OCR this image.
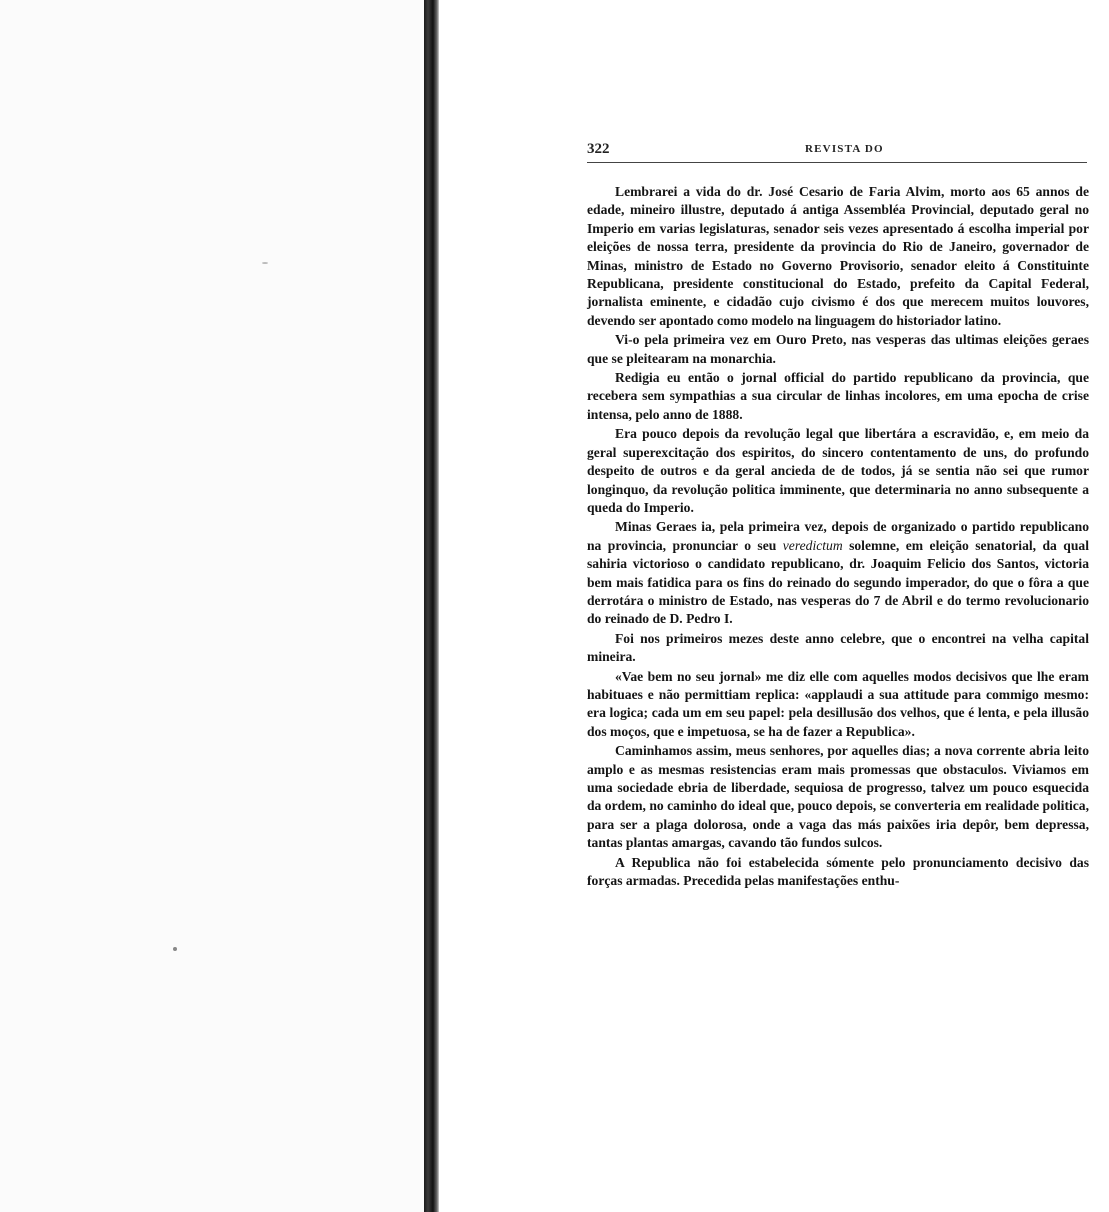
322	REVISTA DO

Lembrarei a vida do dr. José Cesario de Faria Alvim, morto aos 65 annos de edade, mineiro illustre, deputado á antiga Assembléa Provincial, deputado geral no Imperio em varias legislaturas, senador seis vezes apresentado á escolha imperial por eleições de nossa terra, presidente da provincia do Rio de Janeiro, governador de Minas, ministro de Estado no Governo Provisorio, senador eleito á Constituinte Republicana, presidente constitucional do Estado, prefeito da Capital Federal, jornalista eminente, e cidadão cujo civismo é dos que merecem muitos louvores, devendo ser apontado como modelo na linguagem do historiador latino.

Vi-o pela primeira vez em Ouro Preto, nas vesperas das ultimas eleições geraes que se pleitearam na monarchia.

Redigia eu então o jornal official do partido republicano da provincia, que recebera sem sympathias a sua circular de linhas incolores, em uma epocha de crise intensa, pelo anno de 1888.

Era pouco depois da revolução legal que libertára a escravidão, e, em meio da geral superexcitação dos espiritos, do sincero contentamento de uns, do profundo despeito de outros e da geral ancieda de de todos, já se sentia não sei que rumor longinquo, da revolução politica imminente, que determinaria no anno subsequente a queda do Imperio.

Minas Geraes ia, pela primeira vez, depois de organizado o partido republicano na provincia, pronunciar o seu veredictum solemne, em eleição senatorial, da qual sahiria victorioso o candidato republicano, dr. Joaquim Felicio dos Santos, victoria bem mais fatidica para os fins do reinado do segundo imperador, do que o fôra a que derrotára o ministro de Estado, nas vesperas do 7 de Abril e do termo revolucionario do reinado de D. Pedro I.

Foi nos primeiros mezes deste anno celebre, que o encontrei na velha capital mineira.

«Vae bem no seu jornal» me diz elle com aquelles modos decisivos que lhe eram habituaes e não permittiam replica: «applaudi a sua attitude para commigo mesmo: era logica; cada um em seu papel: pela desillusão dos velhos, que é lenta, e pela illusão dos moços, que e impetuosa, se ha de fazer a Republica».

Caminhamos assim, meus senhores, por aquelles dias; a nova corrente abria leito amplo e as mesmas resistencias eram mais promessas que obstaculos. Viviamos em uma sociedade ebria de liberdade, sequiosa de progresso, talvez um pouco esquecida da ordem, no caminho do ideal que, pouco depois, se converteria em realidade politica, para ser a plaga dolorosa, onde a vaga das más paixões iria depôr, bem depressa, tantas plantas amargas, cavando tão fundos sulcos.

A Republica não foi estabelecida sómente pelo pronunciamento decisivo das forças armadas. Precedida pelas manifestações enthu-
